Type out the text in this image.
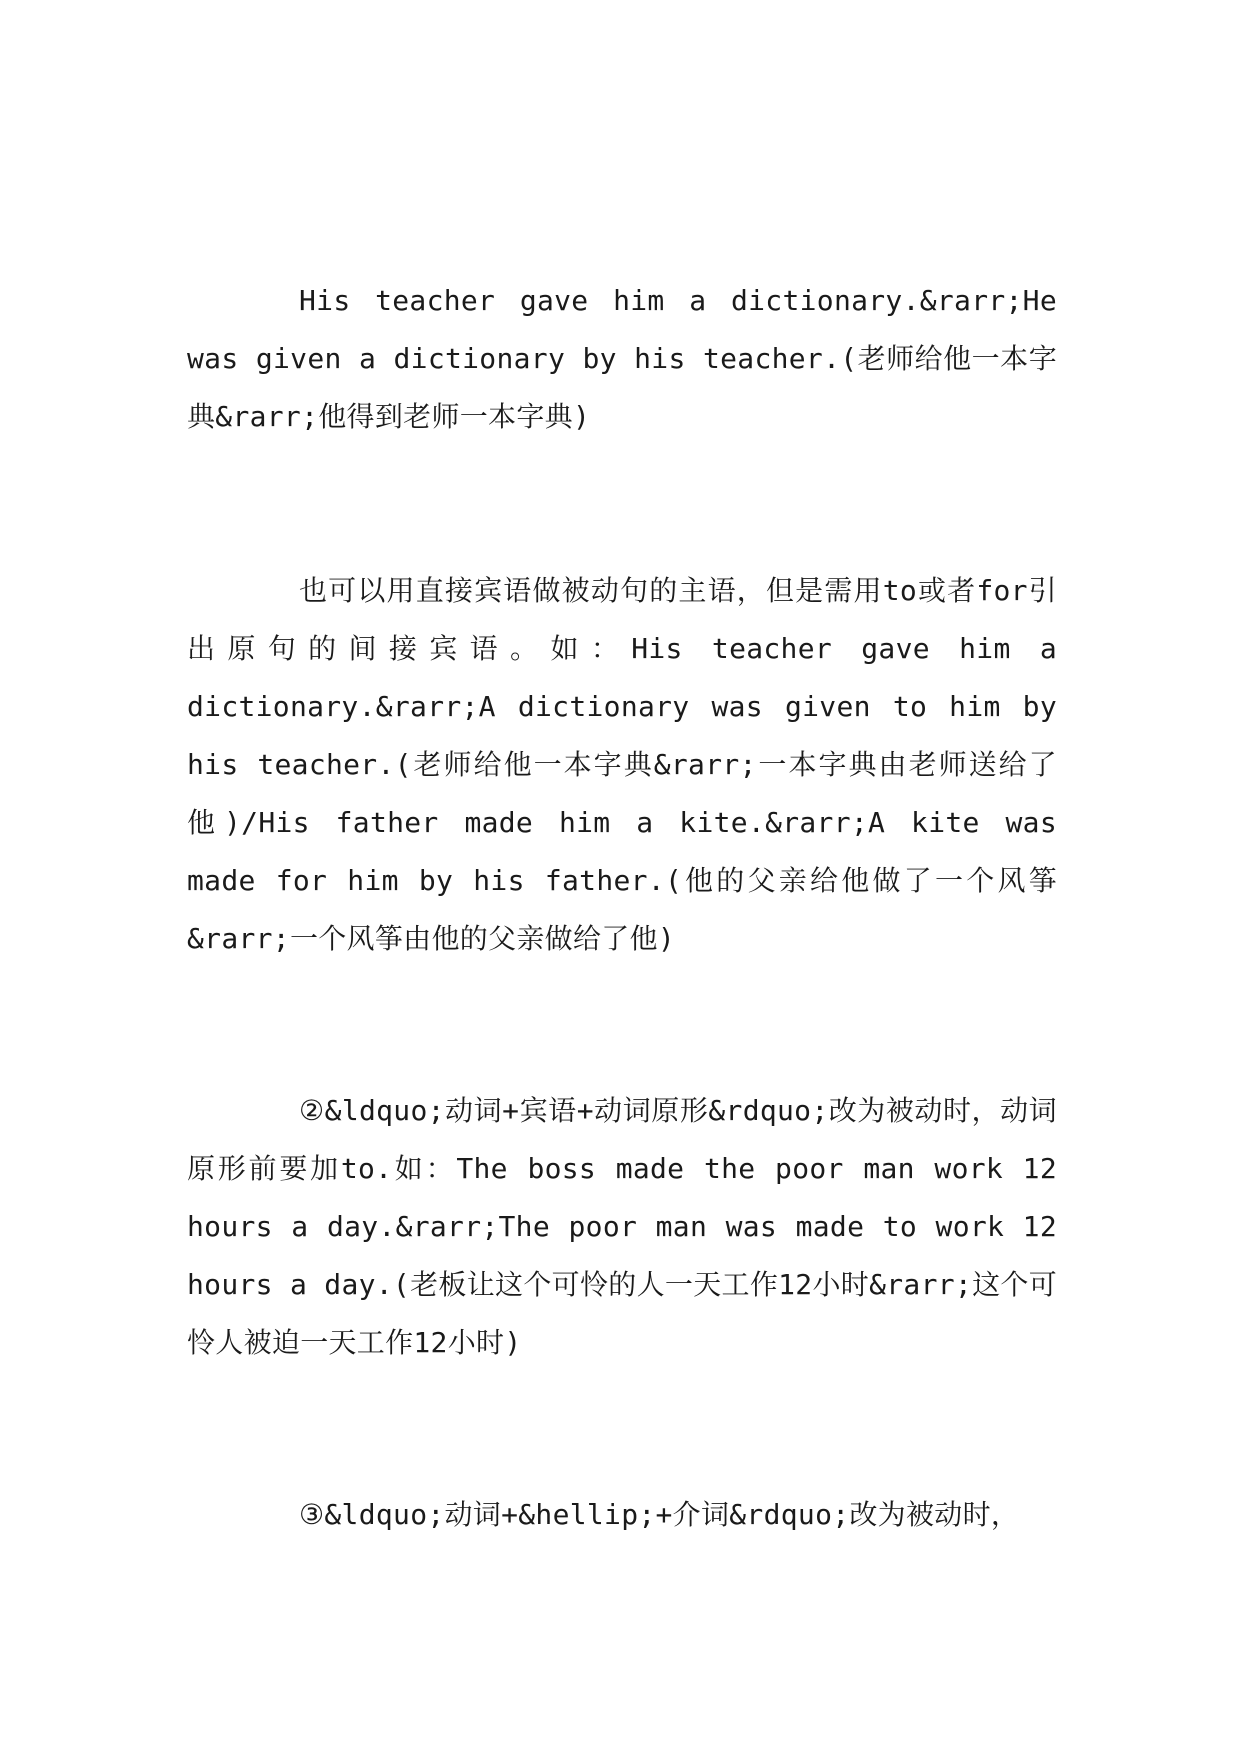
His teacher gave him a dictionary.&rarr;He was given a dictionary by his teacher.(老师给他一本字典&rarr;他得到老师一本字典)

也可以用直接宾语做被动句的主语，但是需用to或者for引出原句的间接宾语。如：His teacher gave him a dictionary.&rarr;A dictionary was given to him by his teacher.(老师给他一本字典&rarr;一本字典由老师送给了他)/His father made him a kite.&rarr;A kite was made for him by his father.(他的父亲给他做了一个风筝&rarr;一个风筝由他的父亲做给了他)

②&ldquo;动词+宾语+动词原形&rdquo;改为被动时，动词原形前要加to.如：The boss made the poor man work 12 hours a day.&rarr;The poor man was made to work 12 hours a day.(老板让这个可怜的人一天工作12小时&rarr;这个可怜人被迫一天工作12小时)

③&ldquo;动词+&hellip;+介词&rdquo;改为被动时，
